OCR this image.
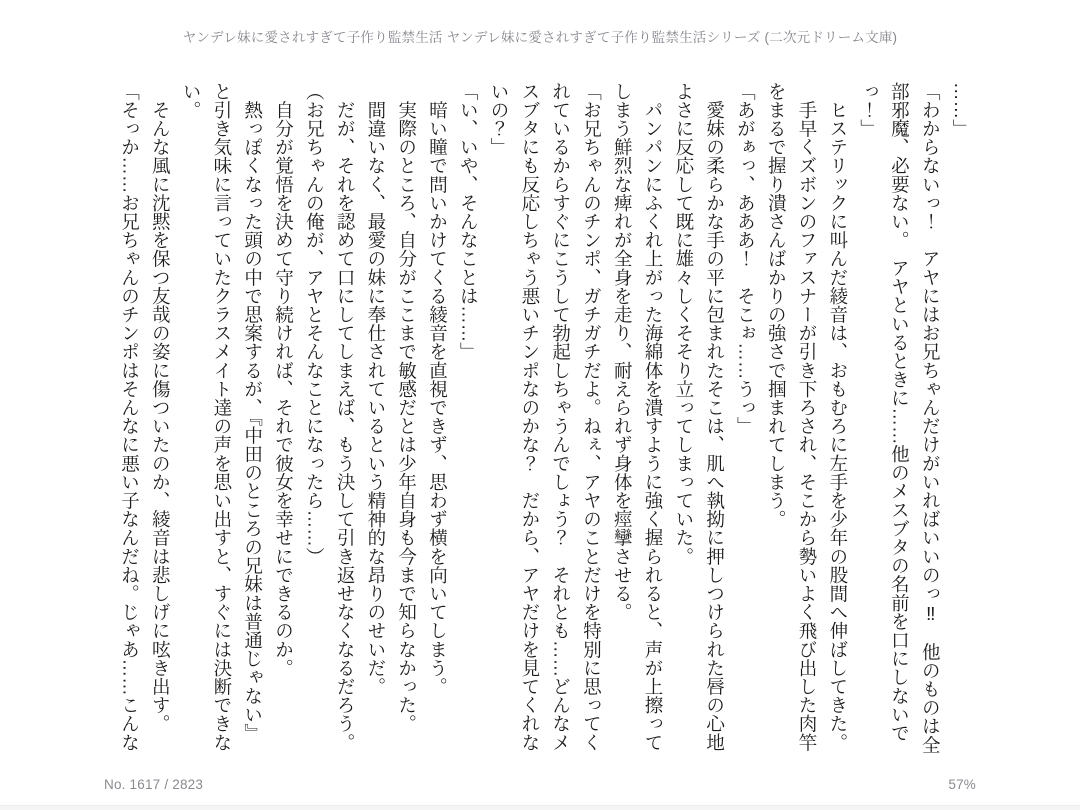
ヤンデレ妹に愛されすぎて子作り監禁生活 ヤンデレ妹に愛されすぎて子作り監禁生活シリーズ (二次元ドリーム文庫)
……」
「わからないっ！　アヤにはお兄ちゃんだけがいればいいのっ‼　他のものは全
部邪魔、必要ない。　アヤといるときに……他のメスブタの名前を口にしないで
っ！」
　ヒステリックに叫んだ綾音は、おもむろに左手を少年の股間へ伸ばしてきた。
　手早くズボンのファスナーが引き下ろされ、そこから勢いよく飛び出した肉竿
をまるで握り潰さんばかりの強さで掴まれてしまう。
「あがぁっ、あああ！　そこぉ……うっ」
　愛妹の柔らかな手の平に包まれたそこは、肌へ執拗に押しつけられた唇の心地
よさに反応して既に雄々しくそそり立ってしまっていた。
　パンパンにふくれ上がった海綿体を潰すように強く握られると、声が上擦って
しまう鮮烈な痺れが全身を走り、耐えられず身体を痙攣させる。
「お兄ちゃんのチンポ、ガチガチだよ。ねぇ、アヤのことだけを特別に思ってく
れているからすぐにこうして勃起しちゃうんでしょう？　それとも……どんなメ
スブタにも反応しちゃう悪いチンポなのかな？　だから、アヤだけを見てくれな
いの？」
「い、いや、そんなことは……」
　暗い瞳で問いかけてくる綾音を直視できず、思わず横を向いてしまう。
　実際のところ、自分がここまで敏感だとは少年自身も今まで知らなかった。
　間違いなく、最愛の妹に奉仕されているという精神的な昂りのせいだ。
　だが、それを認めて口にしてしまえば、もう決して引き返せなくなるだろう。
（お兄ちゃんの俺が、アヤとそんなことになったら……）
　自分が覚悟を決めて守り続ければ、それで彼女を幸せにできるのか。
　熱っぽくなった頭の中で思案するが、『中田のところの兄妹は普通じゃない』
と引き気味に言っていたクラスメイト達の声を思い出すと、すぐには決断できな
い。
　そんな風に沈黙を保つ友哉の姿に傷ついたのか、綾音は悲しげに呟き出す。
「そっか……お兄ちゃんのチンポはそんなに悪い子なんだね。じゃあ……こんな
No. 1617 / 2823	57%
